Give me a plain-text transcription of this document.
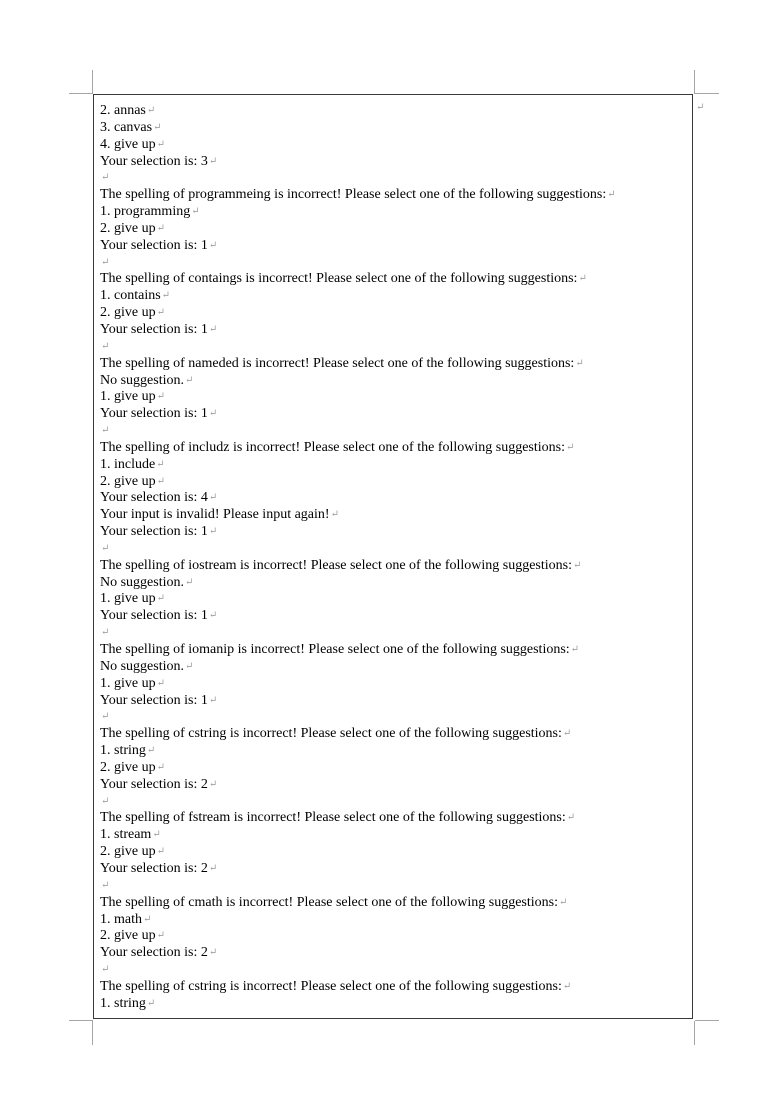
↵
2. annas↵
3. canvas↵
4. give up↵
Your selection is: 3↵
↵
The spelling of programmeing is incorrect! Please select one of the following suggestions:↵
1. programming↵
2. give up↵
Your selection is: 1↵
↵
The spelling of contaings is incorrect! Please select one of the following suggestions:↵
1. contains↵
2. give up↵
Your selection is: 1↵
↵
The spelling of nameded is incorrect! Please select one of the following suggestions:↵
No suggestion.↵
1. give up↵
Your selection is: 1↵
↵
The spelling of includz is incorrect! Please select one of the following suggestions:↵
1. include↵
2. give up↵
Your selection is: 4↵
Your input is invalid! Please input again!↵
Your selection is: 1↵
↵
The spelling of iostream is incorrect! Please select one of the following suggestions:↵
No suggestion.↵
1. give up↵
Your selection is: 1↵
↵
The spelling of iomanip is incorrect! Please select one of the following suggestions:↵
No suggestion.↵
1. give up↵
Your selection is: 1↵
↵
The spelling of cstring is incorrect! Please select one of the following suggestions:↵
1. string↵
2. give up↵
Your selection is: 2↵
↵
The spelling of fstream is incorrect! Please select one of the following suggestions:↵
1. stream↵
2. give up↵
Your selection is: 2↵
↵
The spelling of cmath is incorrect! Please select one of the following suggestions:↵
1. math↵
2. give up↵
Your selection is: 2↵
↵
The spelling of cstring is incorrect! Please select one of the following suggestions:↵
1. string↵
